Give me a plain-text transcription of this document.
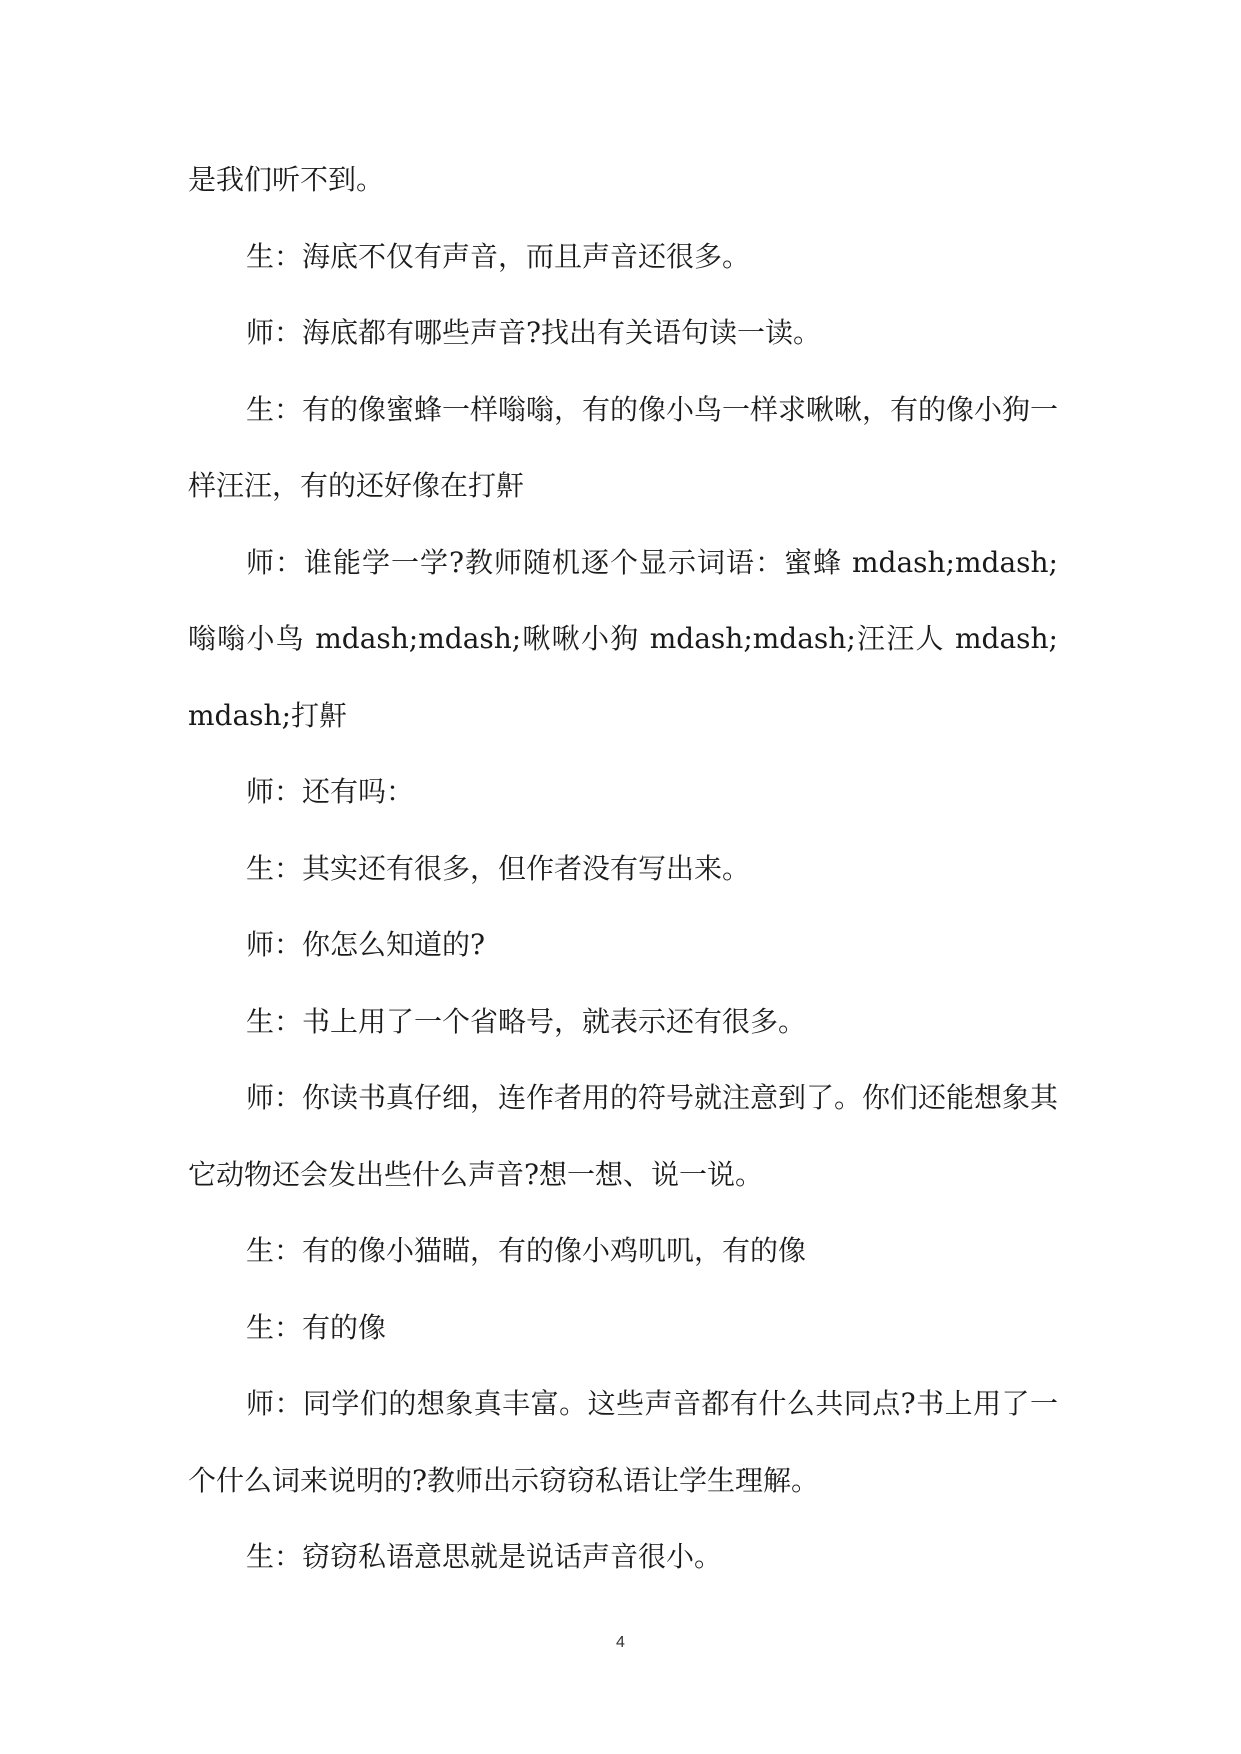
是我们听不到。

生：海底不仅有声音，而且声音还很多。

师：海底都有哪些声音?找出有关语句读一读。

生：有的像蜜蜂一样嗡嗡，有的像小鸟一样求啾啾，有的像小狗一样汪汪，有的还好像在打鼾

师：谁能学一学?教师随机逐个显示词语：蜜蜂 mdash;mdash;嗡嗡小鸟 mdash;mdash;啾啾小狗 mdash;mdash;汪汪人 mdash;mdash;打鼾

师：还有吗：

生：其实还有很多，但作者没有写出来。

师：你怎么知道的?

生：书上用了一个省略号，就表示还有很多。

师：你读书真仔细，连作者用的符号就注意到了。你们还能想象其它动物还会发出些什么声音?想一想、说一说。

生：有的像小猫瞄，有的像小鸡叽叽，有的像

生：有的像

师：同学们的想象真丰富。这些声音都有什么共同点?书上用了一个什么词来说明的?教师出示窃窃私语让学生理解。

生：窃窃私语意思就是说话声音很小。

4
